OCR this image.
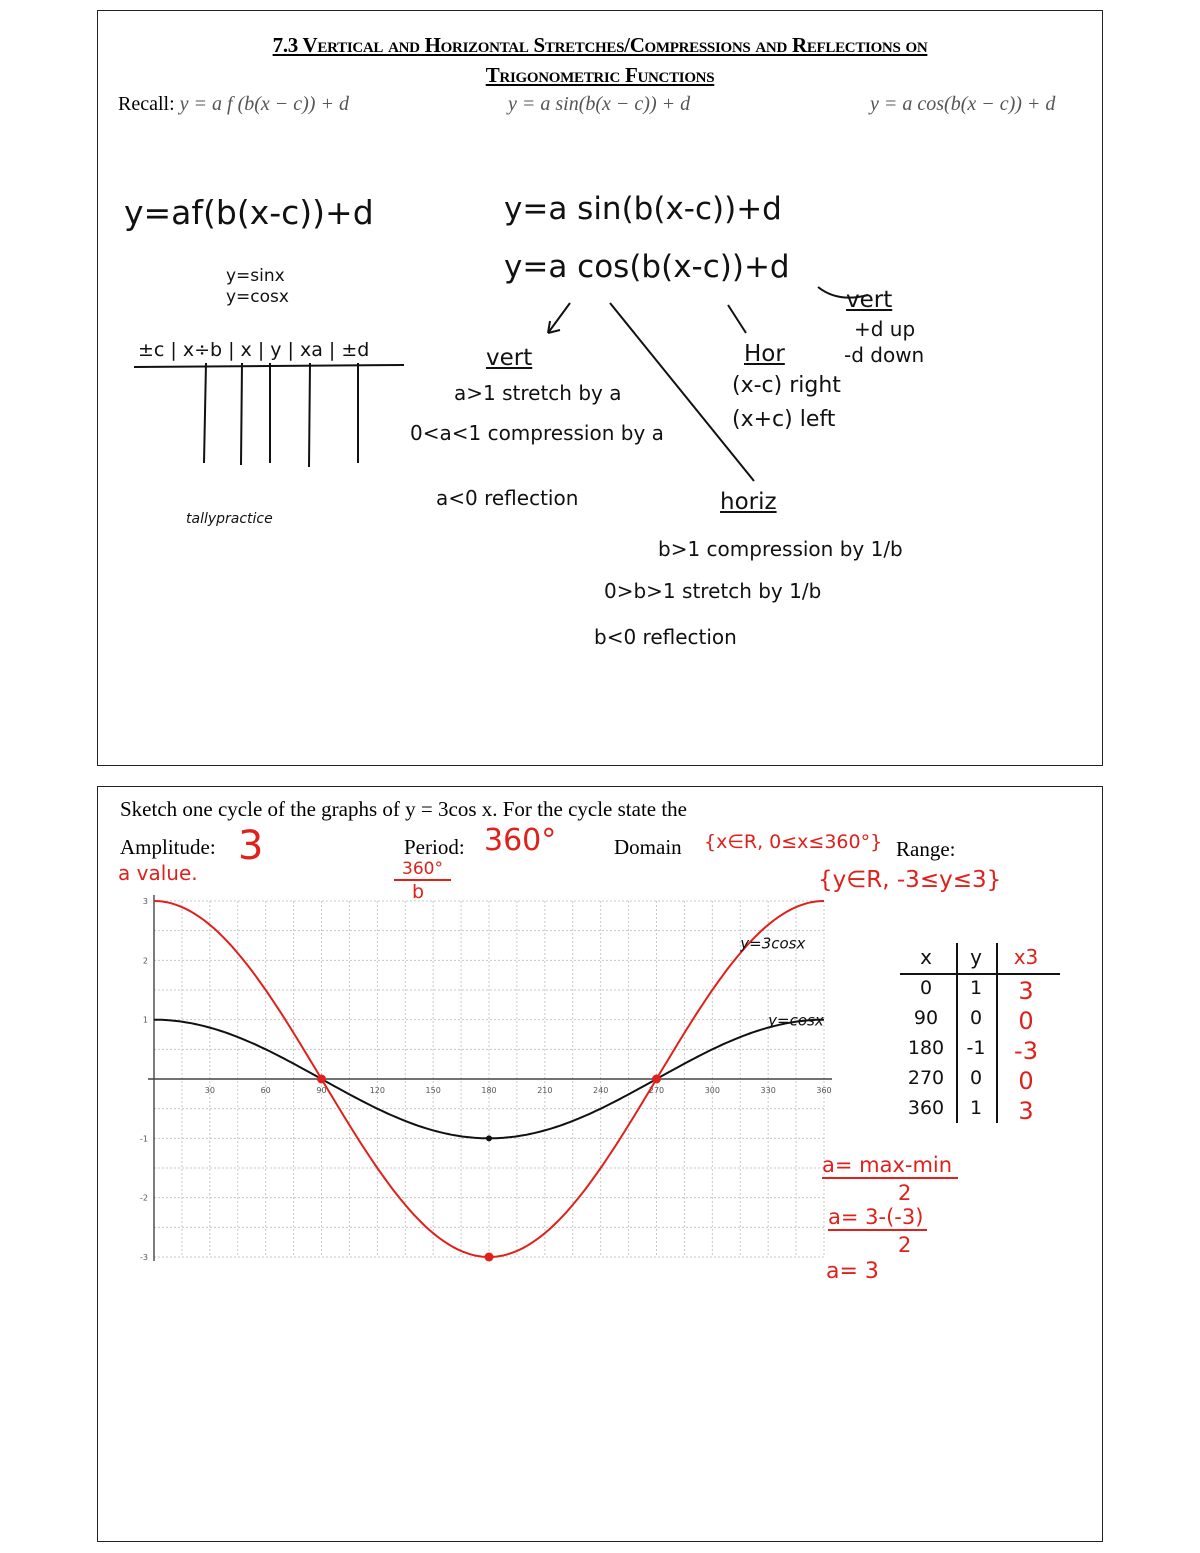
7.3 Vertical and Horizontal Stretches/Compressions and Reflections on
Trigonometric Functions
Recall: y = a f (b(x − c)) + d	y = a sin(b(x − c)) + d	y = a cos(b(x − c)) + d
y=af(b(x-c))+d
y=sinx
y=cosx
±c | x÷b | x | y | xa | ±d
tallypractice
y=a sin(b(x-c))+d
y=a cos(b(x-c))+d
vert
a>1 stretch by a
0<a<1 compression by a
a<0 reflection
Hor
(x-c) right
(x+c) left
vert
+d up
-d down
horiz
b>1 compression by 1/b
0>b>1 stretch by 1/b
b<0 reflection
Sketch one cycle of the graphs of y = 3cos x. For the cycle state the
Amplitude: 3
a value.
Period: 360°
360°
b
Domain {x∈R, 0≤x≤360°} Range:
{y∈R, -3≤y≤3}
30	60	90	120	150	180	210	240	270	300	330	360
3
2
1
-1
-2
-3
y=cosx
y=3cosx
x	y	x3
0	1	3
90	0	0
180	-1	-3
270	0	0
360	1	3
a= max-min
2
a= 3-(-3)
2
a= 3
